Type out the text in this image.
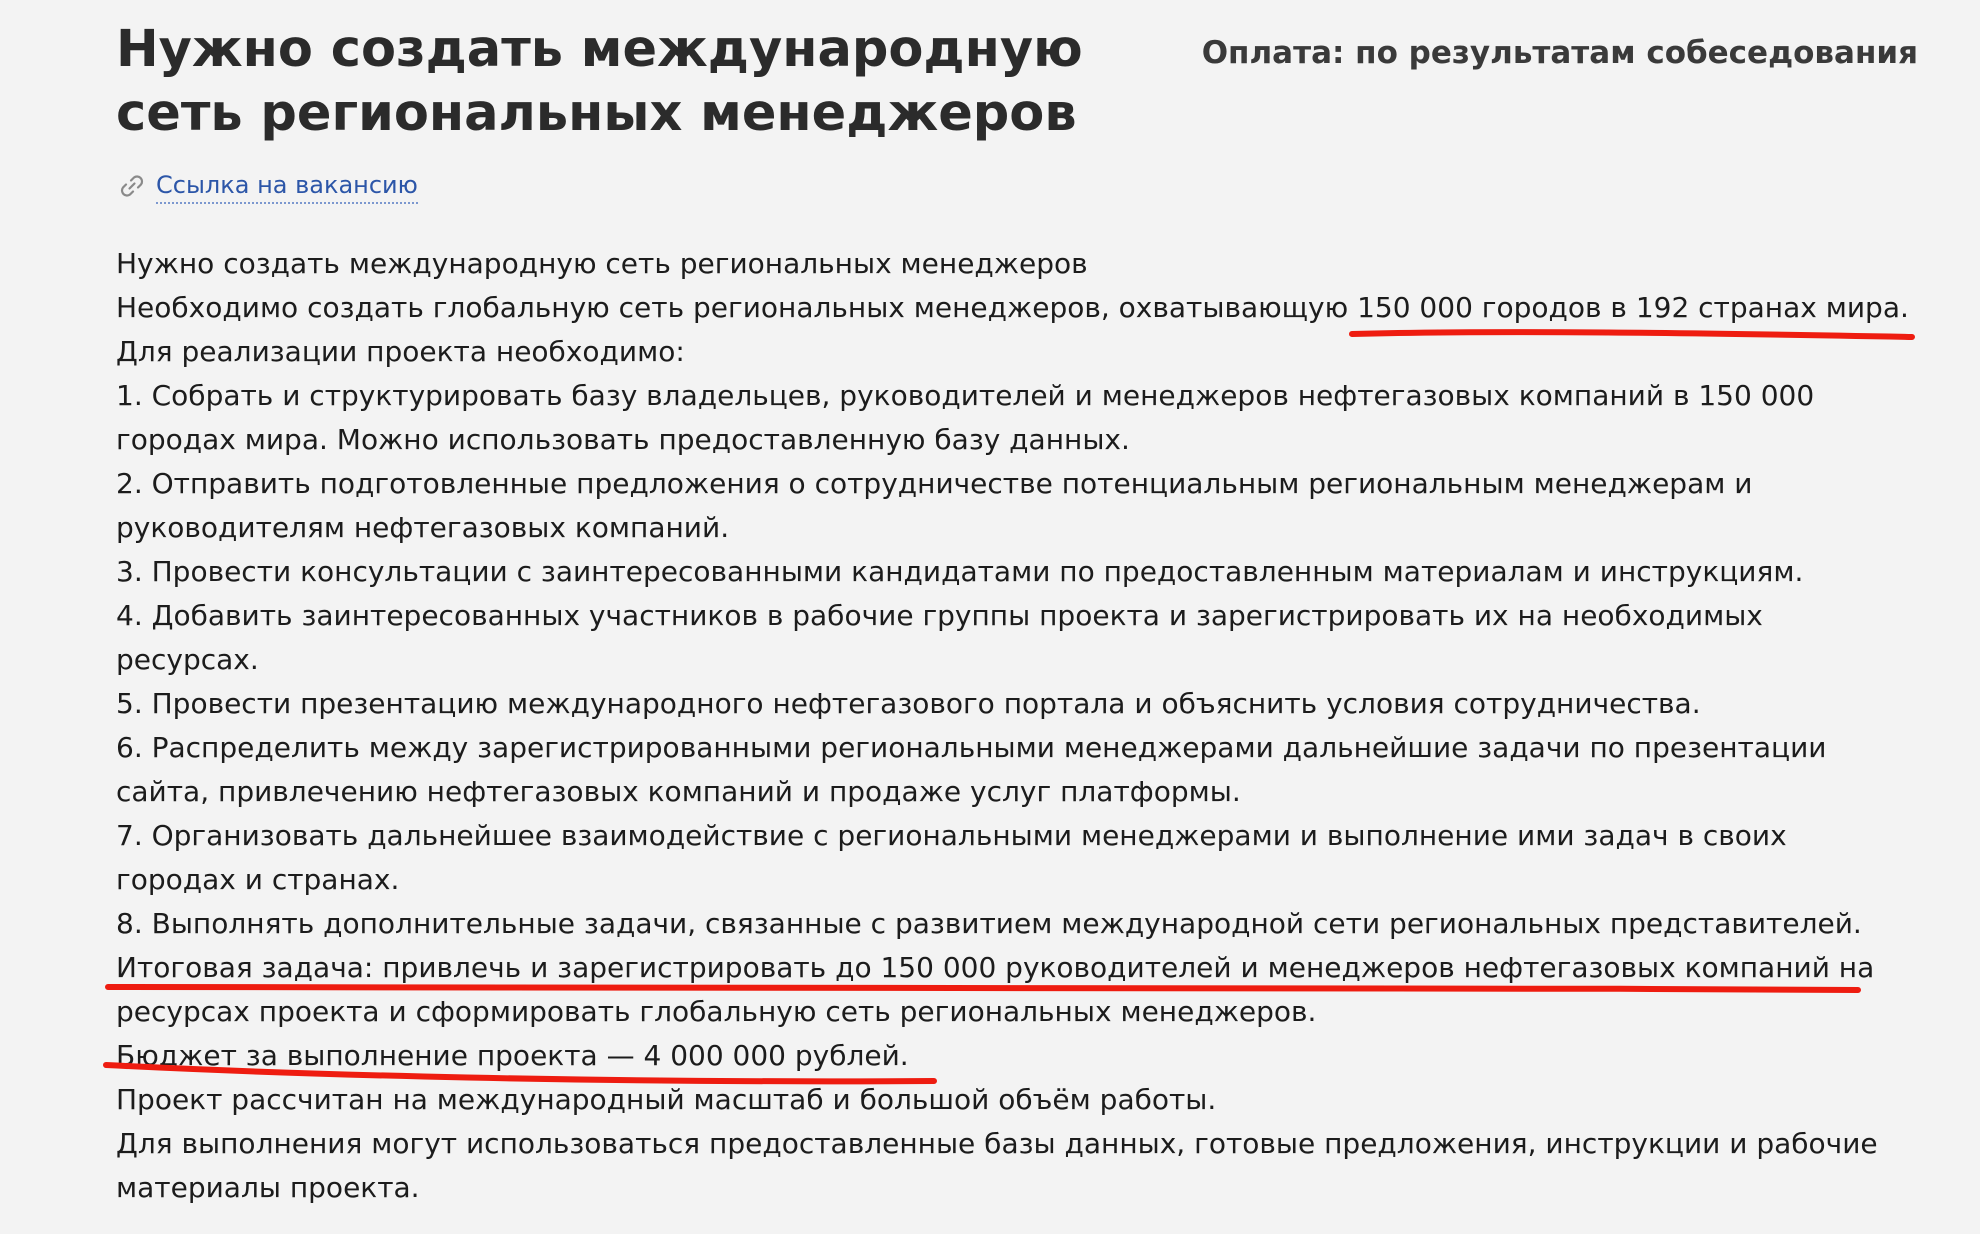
Нужно создать международную сеть региональных менеджеров
Оплата: по результатам собеседования
Ссылка на вакансию

Нужно создать международную сеть региональных менеджеров

Необходимо создать глобальную сеть региональных менеджеров, охватывающую 150 000 городов в 192 странах мира.

Для реализации проекта необходимо:

1. Собрать и структурировать базу владельцев, руководителей и менеджеров нефтегазовых компаний в 150 000

городах мира. Можно использовать предоставленную базу данных.

2. Отправить подготовленные предложения о сотрудничестве потенциальным региональным менеджерам и

руководителям нефтегазовых компаний.

3. Провести консультации с заинтересованными кандидатами по предоставленным материалам и инструкциям.

4. Добавить заинтересованных участников в рабочие группы проекта и зарегистрировать их на необходимых

ресурсах.

5. Провести презентацию международного нефтегазового портала и объяснить условия сотрудничества.

6. Распределить между зарегистрированными региональными менеджерами дальнейшие задачи по презентации

сайта, привлечению нефтегазовых компаний и продаже услуг платформы.

7. Организовать дальнейшее взаимодействие с региональными менеджерами и выполнение ими задач в своих

городах и странах.

8. Выполнять дополнительные задачи, связанные с развитием международной сети региональных представителей.

Итоговая задача: привлечь и зарегистрировать до 150 000 руководителей и менеджеров нефтегазовых компаний на

ресурсах проекта и сформировать глобальную сеть региональных менеджеров.

Бюджет за выполнение проекта — 4 000 000 рублей.

Проект рассчитан на международный масштаб и большой объём работы.

Для выполнения могут использоваться предоставленные базы данных, готовые предложения, инструкции и рабочие

материалы проекта.
